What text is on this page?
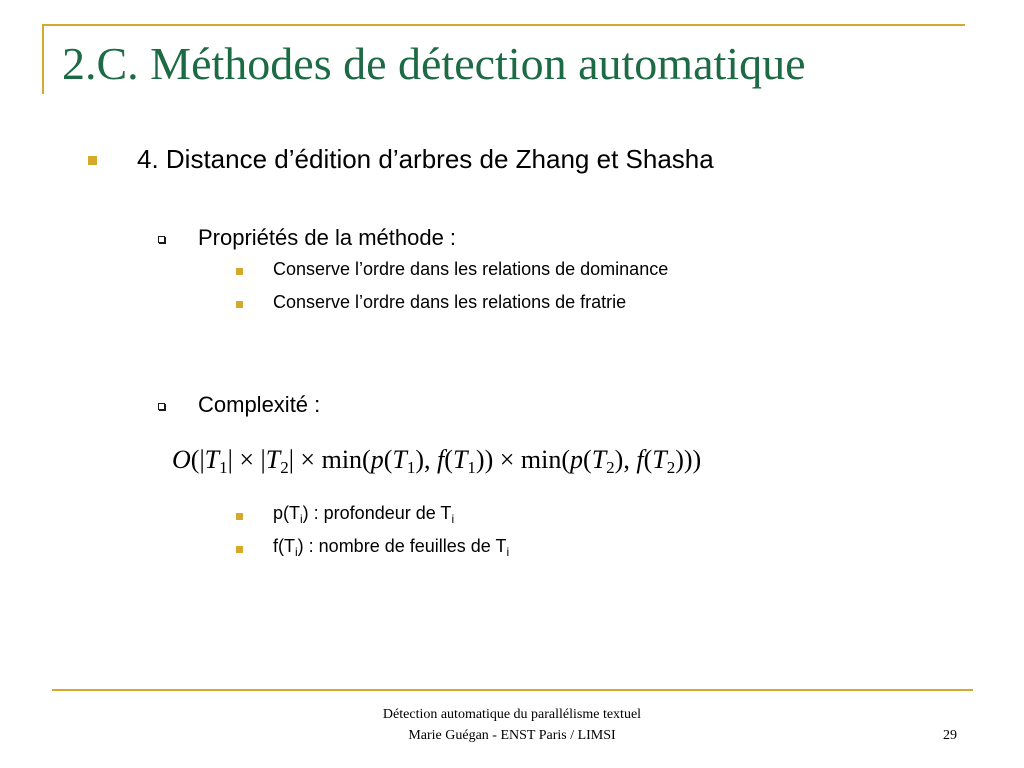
2.C. Méthodes de détection automatique
4. Distance d’édition d’arbres de Zhang et Shasha
Propriétés de la méthode :
Conserve l’ordre dans les relations de dominance
Conserve l’ordre dans les relations de fratrie
Complexité :
$O(|T_1| \times |T_2| \times \min(p(T_1)$, $f(T_1)) \times \min(p(T_2)$, $f(T_2)$))
$p(T_i)$ : profondeur de $T_i$
$f(T_i)$ : nombre de feuilles de $T_i$
Détection automatique du parallélisme textuel
Marie Guégan - ENST Paris / LIMSI	29
